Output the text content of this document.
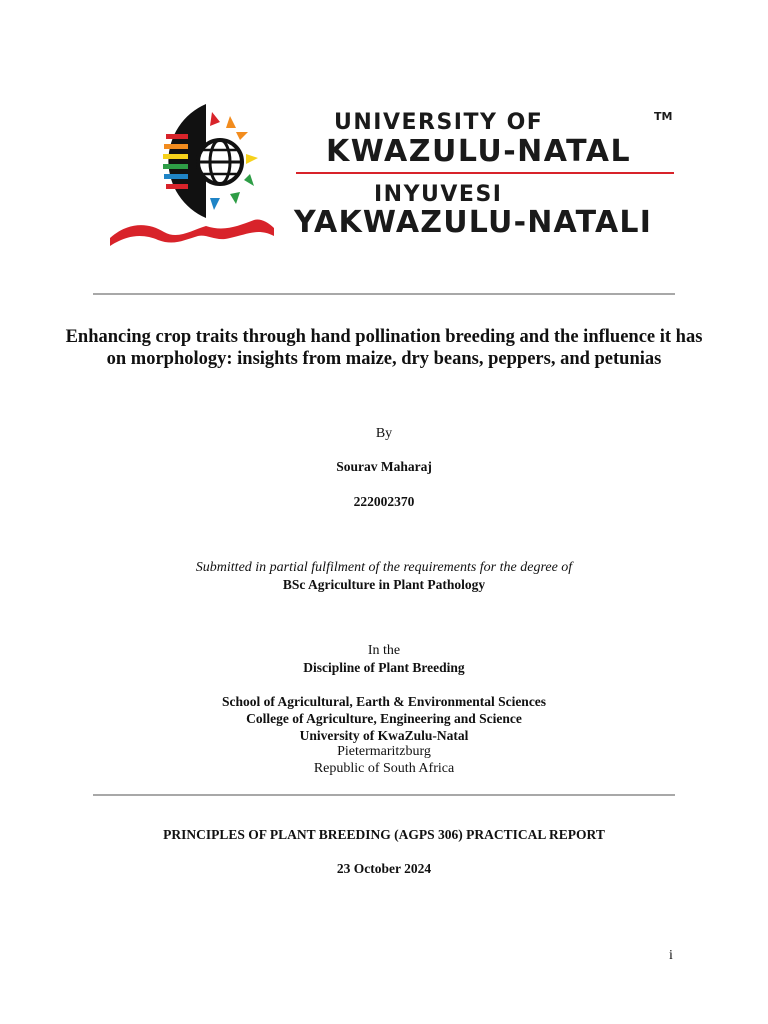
UNIVERSITY OF	TM
KWAZULU-NATAL
INYUVESI
YAKWAZULU-NATALI
Enhancing crop traits through hand pollination breeding and the influence it has on morphology: insights from maize, dry beans, peppers, and petunias
By
Sourav Maharaj
222002370
Submitted in partial fulfilment of the requirements for the degree of
BSc Agriculture in Plant Pathology
In the
Discipline of Plant Breeding
School of Agricultural, Earth & Environmental Sciences
College of Agriculture, Engineering and Science
University of KwaZulu-Natal
Pietermaritzburg
Republic of South Africa
PRINCIPLES OF PLANT BREEDING (AGPS 306) PRACTICAL REPORT
23 October 2024
i
